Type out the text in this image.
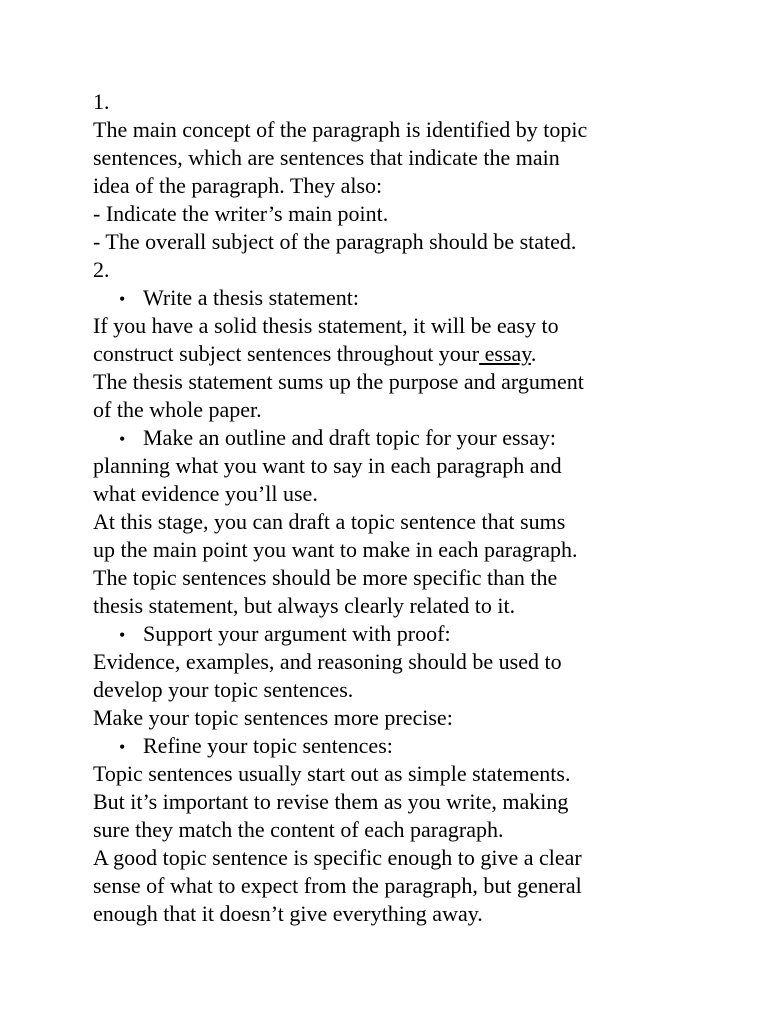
1.
The main concept of the paragraph is identified by topic
sentences, which are sentences that indicate the main
idea of the paragraph. They also:
- Indicate the writer’s main point.
- The overall subject of the paragraph should be stated.
2.
• Write a thesis statement:
If you have a solid thesis statement, it will be easy to
construct subject sentences throughout your essay.
The thesis statement sums up the purpose and argument
of the whole paper.
• Make an outline and draft topic for your essay:
planning what you want to say in each paragraph and
what evidence you’ll use.
At this stage, you can draft a topic sentence that sums
up the main point you want to make in each paragraph.
The topic sentences should be more specific than the
thesis statement, but always clearly related to it.
• Support your argument with proof:
Evidence, examples, and reasoning should be used to
develop your topic sentences.
Make your topic sentences more precise:
• Refine your topic sentences:
Topic sentences usually start out as simple statements.
But it’s important to revise them as you write, making
sure they match the content of each paragraph.
A good topic sentence is specific enough to give a clear
sense of what to expect from the paragraph, but general
enough that it doesn’t give everything away.
